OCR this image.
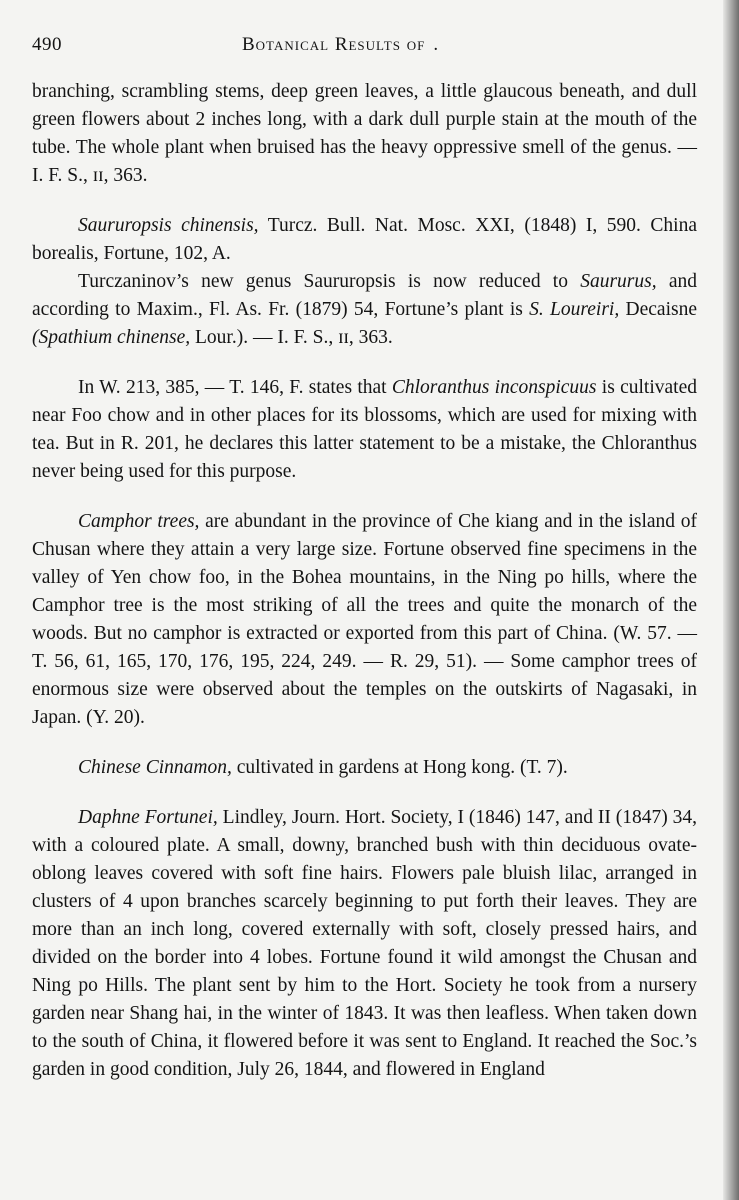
490	Botanical Results of .

branching, scrambling stems, deep green leaves, a little glaucous beneath, and dull green flowers about 2 inches long, with a dark dull purple stain at the mouth of the tube. The whole plant when bruised has the heavy oppressive smell of the genus. — I. F. S., ɪɪ, 363.

Saururopsis chinensis, Turcz. Bull. Nat. Mosc. XXI, (1848) I, 590. China borealis, Fortune, 102, A.

Turczaninov’s new genus Saururopsis is now reduced to Saururus, and according to Maxim., Fl. As. Fr. (1879) 54, Fortune’s plant is S. Loureiri, Decaisne (Spathium chinense, Lour.). — I. F. S., ɪɪ, 363.

In W. 213, 385, — T. 146, F. states that Chloranthus inconspicuus is cultivated near Foo chow and in other places for its blossoms, which are used for mixing with tea. But in R. 201, he declares this latter statement to be a mistake, the Chloranthus never being used for this purpose.

Camphor trees, are abundant in the province of Che kiang and in the island of Chusan where they attain a very large size. Fortune observed fine specimens in the valley of Yen chow foo, in the Bohea mountains, in the Ning po hills, where the Camphor tree is the most striking of all the trees and quite the monarch of the woods. But no camphor is extracted or exported from this part of China. (W. 57. — T. 56, 61, 165, 170, 176, 195, 224, 249. — R. 29, 51). — Some camphor trees of enormous size were observed about the temples on the outskirts of Nagasaki, in Japan. (Y. 20).

Chinese Cinnamon, cultivated in gardens at Hong kong. (T. 7).

Daphne Fortunei, Lindley, Journ. Hort. Society, I (1846) 147, and II (1847) 34, with a coloured plate. A small, downy, branched bush with thin deciduous ovate-oblong leaves covered with soft fine hairs. Flowers pale bluish lilac, arranged in clusters of 4 upon branches scarcely beginning to put forth their leaves. They are more than an inch long, covered externally with soft, closely pressed hairs, and divided on the border into 4 lobes. Fortune found it wild amongst the Chusan and Ning po Hills. The plant sent by him to the Hort. Society he took from a nursery garden near Shang hai, in the winter of 1843. It was then leafless. When taken down to the south of China, it flowered before it was sent to England. It reached the Soc.’s garden in good condition, July 26, 1844, and flowered in England
